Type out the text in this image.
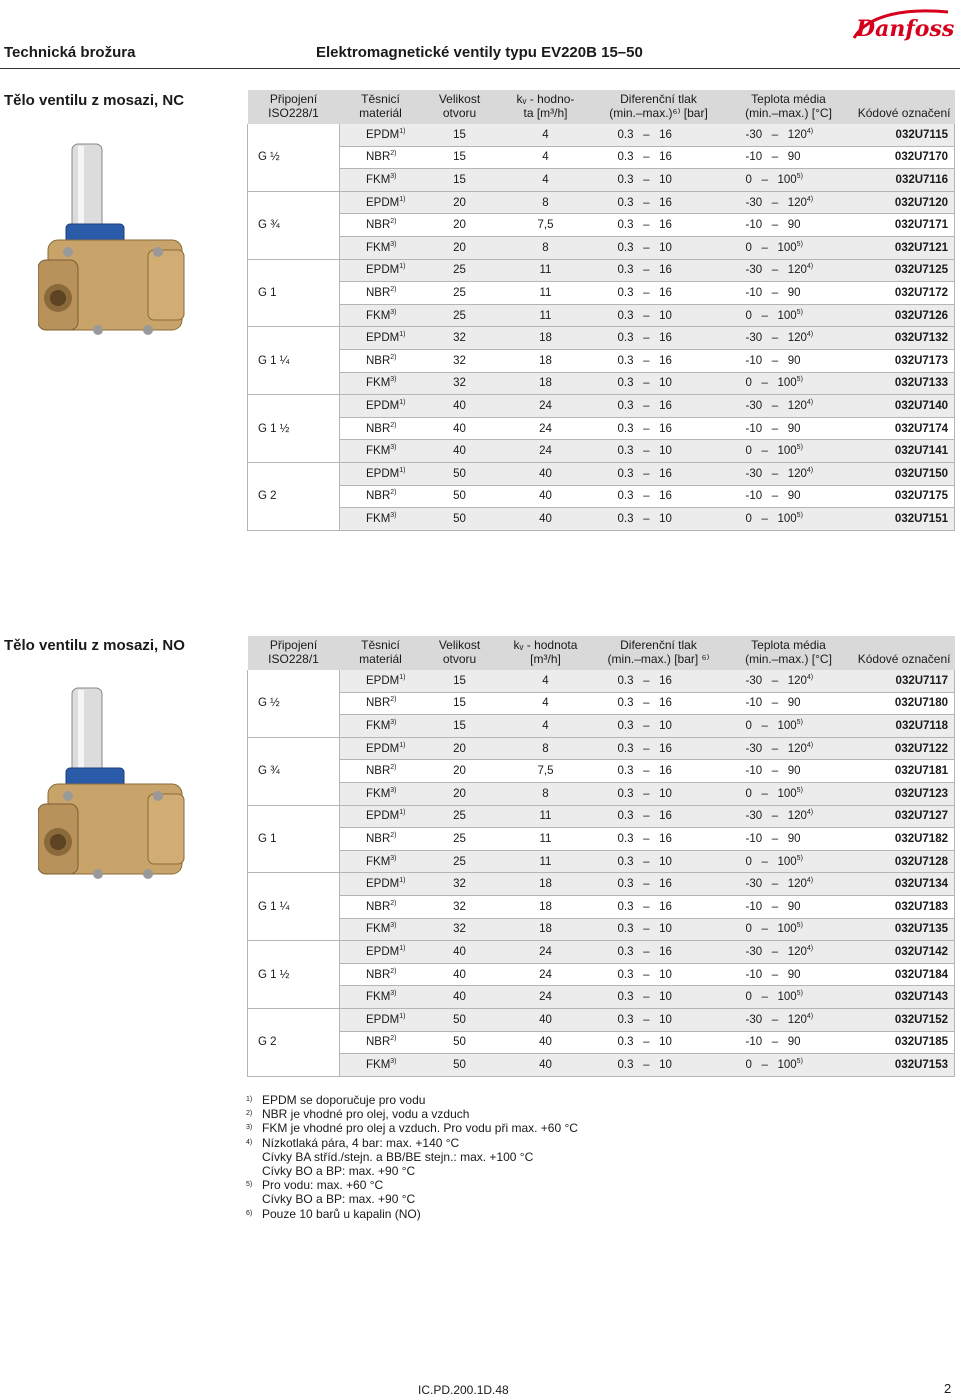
Technická brožura	Elektromagnetické ventily typu EV220B 15–50
Danfoss
Tělo ventilu z mosazi, NC	Připojení
ISO228/1	Těsnicí
materiál	Velikost
otvoru	kᵥ - hodno-
ta [m³/h]	Diferenční tlak
(min.–max.)⁶⁾ [bar]	Teplota média
(min.–max.) [°C]	Kódové označení
G ½	EPDM$^{1)}$	15	4	0.3   –   16	-30   –   120$^{4)}$	032U7115
	NBR$^{2)}$	15	4	0.3   –   16	-10   –   90	032U7170
	FKM$^{3)}$	15	4	0.3   –   10	0   –   100$^{5)}$	032U7116
G ¾	EPDM$^{1)}$	20	8	0.3   –   16	-30   –   120$^{4)}$	032U7120
	NBR$^{2)}$	20	7,5	0.3   –   16	-10   –   90	032U7171
	FKM$^{3)}$	20	8	0.3   –   10	0   –   100$^{5)}$	032U7121
G 1	EPDM$^{1)}$	25	11	0.3   –   16	-30   –   120$^{4)}$	032U7125
	NBR$^{2)}$	25	11	0.3   –   16	-10   –   90	032U7172
	FKM$^{3)}$	25	11	0.3   –   10	0   –   100$^{5)}$	032U7126
G 1 ¼	EPDM$^{1)}$	32	18	0.3   –   16	-30   –   120$^{4)}$	032U7132
	NBR$^{2)}$	32	18	0.3   –   16	-10   –   90	032U7173
	FKM$^{3)}$	32	18	0.3   –   10	0   –   100$^{5)}$	032U7133
G 1 ½	EPDM$^{1)}$	40	24	0.3   –   16	-30   –   120$^{4)}$	032U7140
	NBR$^{2)}$	40	24	0.3   –   16	-10   –   90	032U7174
	FKM$^{3)}$	40	24	0.3   –   10	0   –   100$^{5)}$	032U7141
G 2	EPDM$^{1)}$	50	40	0.3   –   16	-30   –   120$^{4)}$	032U7150
	NBR$^{2)}$	50	40	0.3   –   16	-10   –   90	032U7175
	FKM$^{3)}$	50	40	0.3   –   10	0   –   100$^{5)}$	032U7151
Tělo ventilu z mosazi, NO	Připojení
ISO228/1	Těsnicí
materiál	Velikost
otvoru	kᵥ - hodnota
[m³/h]	Diferenční tlak
(min.–max.) [bar] ⁶⁾	Teplota média
(min.–max.) [°C]	Kódové označení
G ½	EPDM$^{1)}$	15	4	0.3   –   16	-30   –   120$^{4)}$	032U7117
	NBR$^{2)}$	15	4	0.3   –   16	-10   –   90	032U7180
	FKM$^{3)}$	15	4	0.3   –   10	0   –   100$^{5)}$	032U7118
G ¾	EPDM$^{1)}$	20	8	0.3   –   16	-30   –   120$^{4)}$	032U7122
	NBR$^{2)}$	20	7,5	0.3   –   16	-10   –   90	032U7181
	FKM$^{3)}$	20	8	0.3   –   10	0   –   100$^{5)}$	032U7123
G 1	EPDM$^{1)}$	25	11	0.3   –   16	-30   –   120$^{4)}$	032U7127
	NBR$^{2)}$	25	11	0.3   –   16	-10   –   90	032U7182
	FKM$^{3)}$	25	11	0.3   –   10	0   –   100$^{5)}$	032U7128
G 1 ¼	EPDM$^{1)}$	32	18	0.3   –   16	-30   –   120$^{4)}$	032U7134
	NBR$^{2)}$	32	18	0.3   –   16	-10   –   90	032U7183
	FKM$^{3)}$	32	18	0.3   –   10	0   –   100$^{5)}$	032U7135
G 1 ½	EPDM$^{1)}$	40	24	0.3   –   16	-30   –   120$^{4)}$	032U7142
	NBR$^{2)}$	40	24	0.3   –   10	-10   –   90	032U7184
	FKM$^{3)}$	40	24	0.3   –   10	0   –   100$^{5)}$	032U7143
G 2	EPDM$^{1)}$	50	40	0.3   –   10	-30   –   120$^{4)}$	032U7152
	NBR$^{2)}$	50	40	0.3   –   10	-10   –   90	032U7185
	FKM$^{3)}$	50	40	0.3   –   10	0   –   100$^{5)}$	032U7153
1) EPDM se doporučuje pro vodu
2) NBR je vhodné pro olej, vodu a vzduch
3) FKM je vhodné pro olej a vzduch. Pro vodu při max. +60 °C
4) Nízkotlaká pára, 4 bar: max. +140 °C
Cívky BA stříd./stejn. a BB/BE stejn.: max. +100 °C
Cívky BO a BP: max. +90 °C
5) Pro vodu: max. +60 °C
Cívky BO a BP: max. +90 °C
6) Pouze 10 barů u kapalin (NO)
IC.PD.200.1D.48	2
